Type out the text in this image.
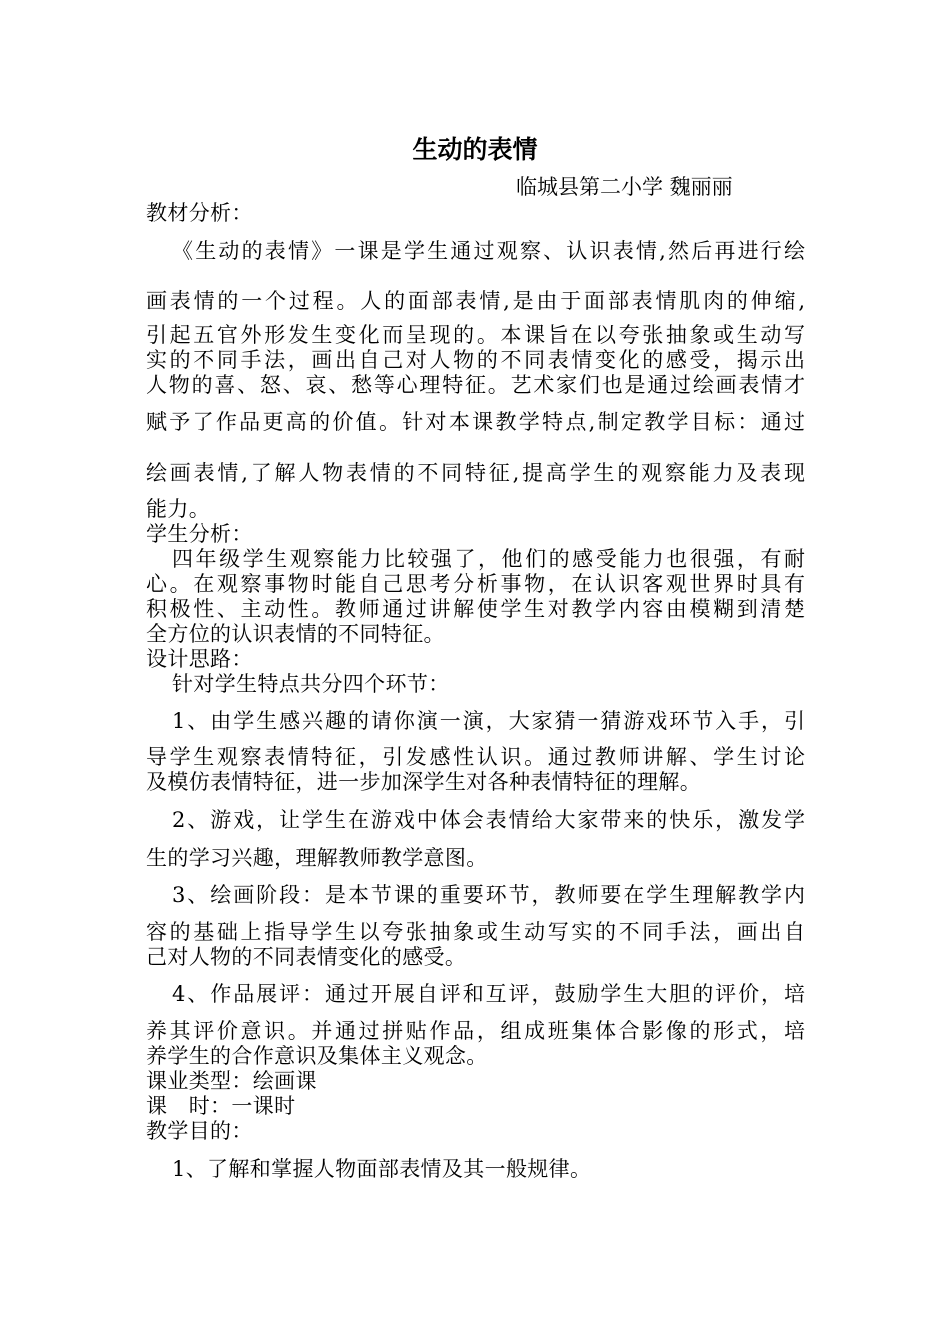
生动的表情
临城县第二小学 魏丽丽
教材分析：
《生动的表情》一课是学生通过观察、认识表情,然后再进行绘
画表情的一个过程。人的面部表情,是由于面部表情肌肉的伸缩,
引起五官外形发生变化而呈现的。本课旨在以夸张抽象或生动写
实的不同手法，画出自己对人物的不同表情变化的感受，揭示出
人物的喜、怒、哀、愁等心理特征。艺术家们也是通过绘画表情才
赋予了作品更高的价值。针对本课教学特点,制定教学目标：通过
绘画表情,了解人物表情的不同特征,提高学生的观察能力及表现
能力。
学生分析：
四年级学生观察能力比较强了，他们的感受能力也很强，有耐
心。在观察事物时能自己思考分析事物，在认识客观世界时具有
积极性、主动性。教师通过讲解使学生对教学内容由模糊到清楚
全方位的认识表情的不同特征。
设计思路：
针对学生特点共分四个环节：
1、由学生感兴趣的请你演一演，大家猜一猜游戏环节入手，引
导学生观察表情特征，引发感性认识。通过教师讲解、学生讨论
及模仿表情特征，进一步加深学生对各种表情特征的理解。
2、游戏，让学生在游戏中体会表情给大家带来的快乐，激发学
生的学习兴趣，理解教师教学意图。
3、绘画阶段：是本节课的重要环节，教师要在学生理解教学内
容的基础上指导学生以夸张抽象或生动写实的不同手法，画出自
己对人物的不同表情变化的感受。
4、作品展评：通过开展自评和互评，鼓励学生大胆的评价，培
养其评价意识。并通过拼贴作品，组成班集体合影像的形式，培
养学生的合作意识及集体主义观念。
课业类型：绘画课
课　时：一课时
教学目的：
1、了解和掌握人物面部表情及其一般规律。
